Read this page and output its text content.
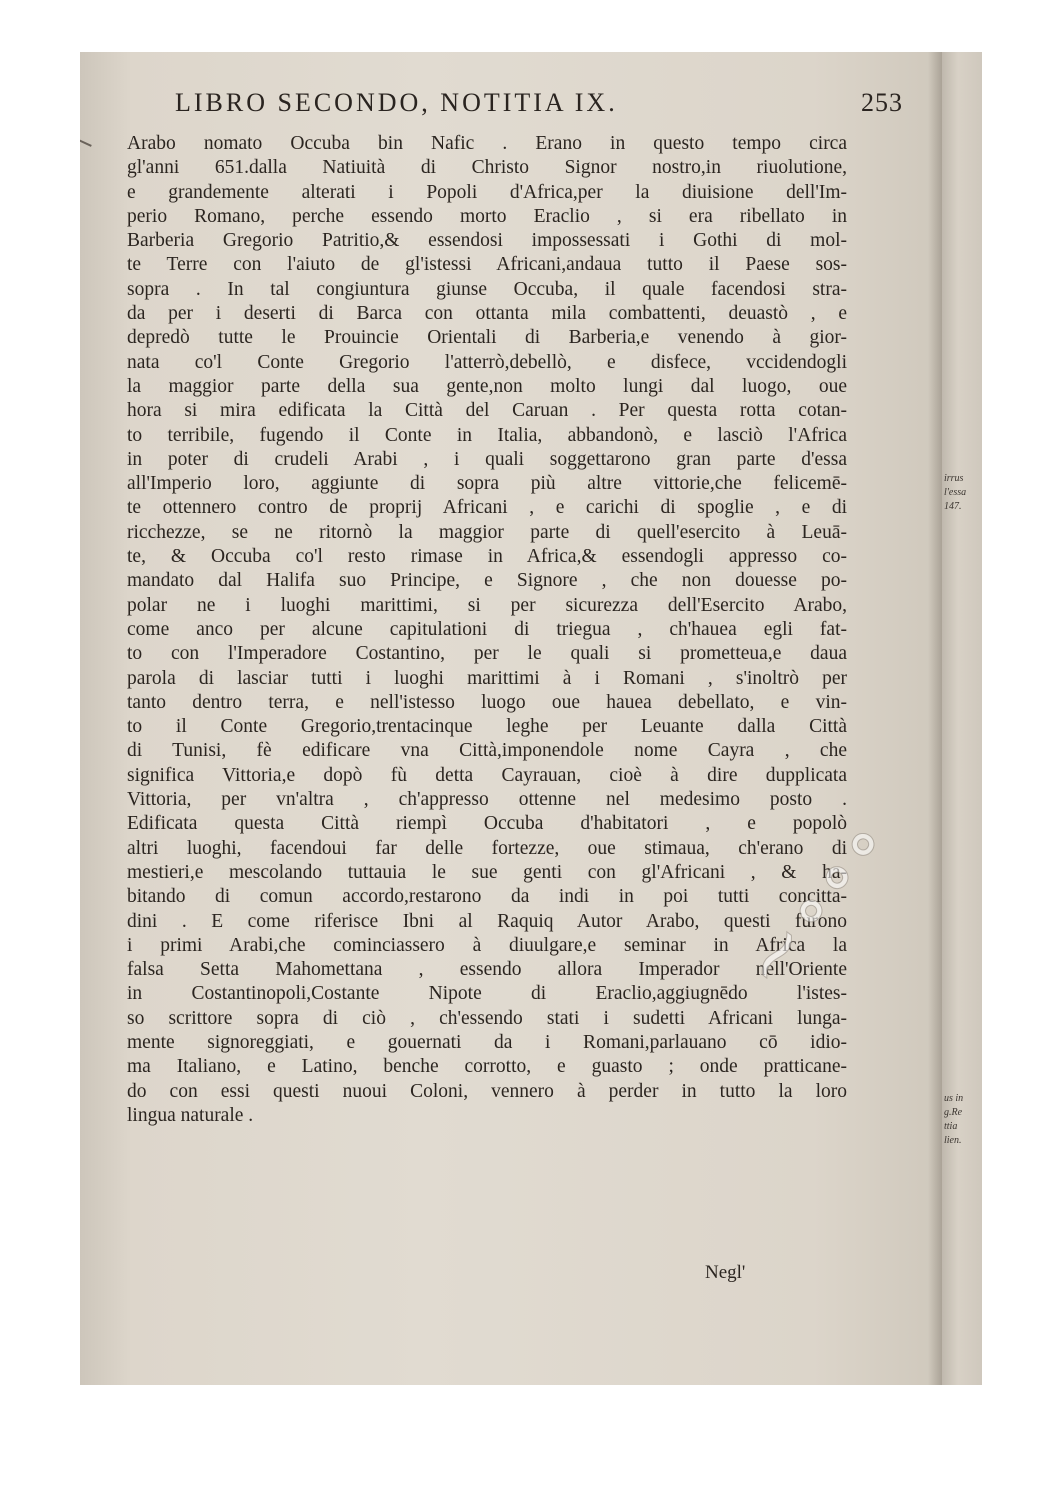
LIBRO SECONDO, NOTITIA IX.	253
Arabo nomato Occuba bin Nafic . Erano in questo tempo circa
gl'anni 651.dalla Natiuità di Christo Signor nostro,in riuolutione,
e grandemente alterati i Popoli d'Africa,per la diuisione dell'Im-
perio Romano, perche essendo morto Eraclio , si era ribellato in
Barberia Gregorio Patritio,& essendosi impossessati i Gothi di mol-
te Terre con l'aiuto de gl'istessi Africani,andaua tutto il Paese sos-
sopra . In tal congiuntura giunse Occuba, il quale facendosi stra-
da per i deserti di Barca con ottanta mila combattenti, deuastò , e
depredò tutte le Prouincie Orientali di Barberia,e venendo à gior-
nata co'l Conte Gregorio l'atterrò,debellò, e disfece, vccidendogli
la maggior parte della sua gente,non molto lungi dal luogo, oue
hora si mira edificata la Città del Caruan . Per questa rotta cotan-
to terribile, fugendo il Conte in Italia, abbandonò, e lasciò l'Africa
in poter di crudeli Arabi , i quali soggettarono gran parte d'essa
all'Imperio loro, aggiunte di sopra più altre vittorie,che felicemē-
te ottennero contro de proprij Africani , e carichi di spoglie , e di
ricchezze, se ne ritornò la maggior parte di quell'esercito à Leuā-
te, & Occuba co'l resto rimase in Africa,& essendogli appresso co-
mandato dal Halifa suo Principe, e Signore , che non douesse po-
polar ne i luoghi marittimi, si per sicurezza dell'Esercito Arabo,
come anco per alcune capitulationi di triegua , ch'hauea egli fat-
to con l'Imperadore Costantino, per le quali si prometteua,e daua
parola di lasciar tutti i luoghi marittimi à i Romani , s'inoltrò per
tanto dentro terra, e nell'istesso luogo oue hauea debellato, e vin-
to il Conte Gregorio,trentacinque leghe per Leuante dalla Città
di Tunisi, fè edificare vna Città,imponendole nome Cayra , che
significa Vittoria,e dopò fù detta Cayrauan, cioè à dire dupplicata
Vittoria, per vn'altra , ch'appresso ottenne nel medesimo posto .
Edificata questa Città riempì Occuba d'habitatori , e popolò
altri luoghi, facendoui far delle fortezze, oue stimaua, ch'erano di
mestieri,e mescolando tuttauia le sue genti con gl'Africani , & ha-
bitando di comun accordo,restarono da indi in poi tutti concitta-
dini . E come riferisce Ibni al Raquiq Autor Arabo, questi furono
i primi Arabi,che cominciassero à diuulgare,e seminar in Africa la
falsa Setta Mahomettana , essendo allora Imperador nell'Oriente
in Costantinopoli,Costante Nipote di Eraclio,aggiugnēdo l'istes-
so scrittore sopra di ciò , ch'essendo stati i sudetti Africani lunga-
mente signoreggiati, e gouernati da i Romani,parlauano cō idio-
ma Italiano, e Latino, benche corrotto, e guasto ; onde pratticane-
do con essi questi nuoui Coloni, vennero à perder in tutto la loro
lingua naturale .
Negl'
~∘∘∘
irrus
l'essa
147.
us in
g.Re
ttia
lien.
